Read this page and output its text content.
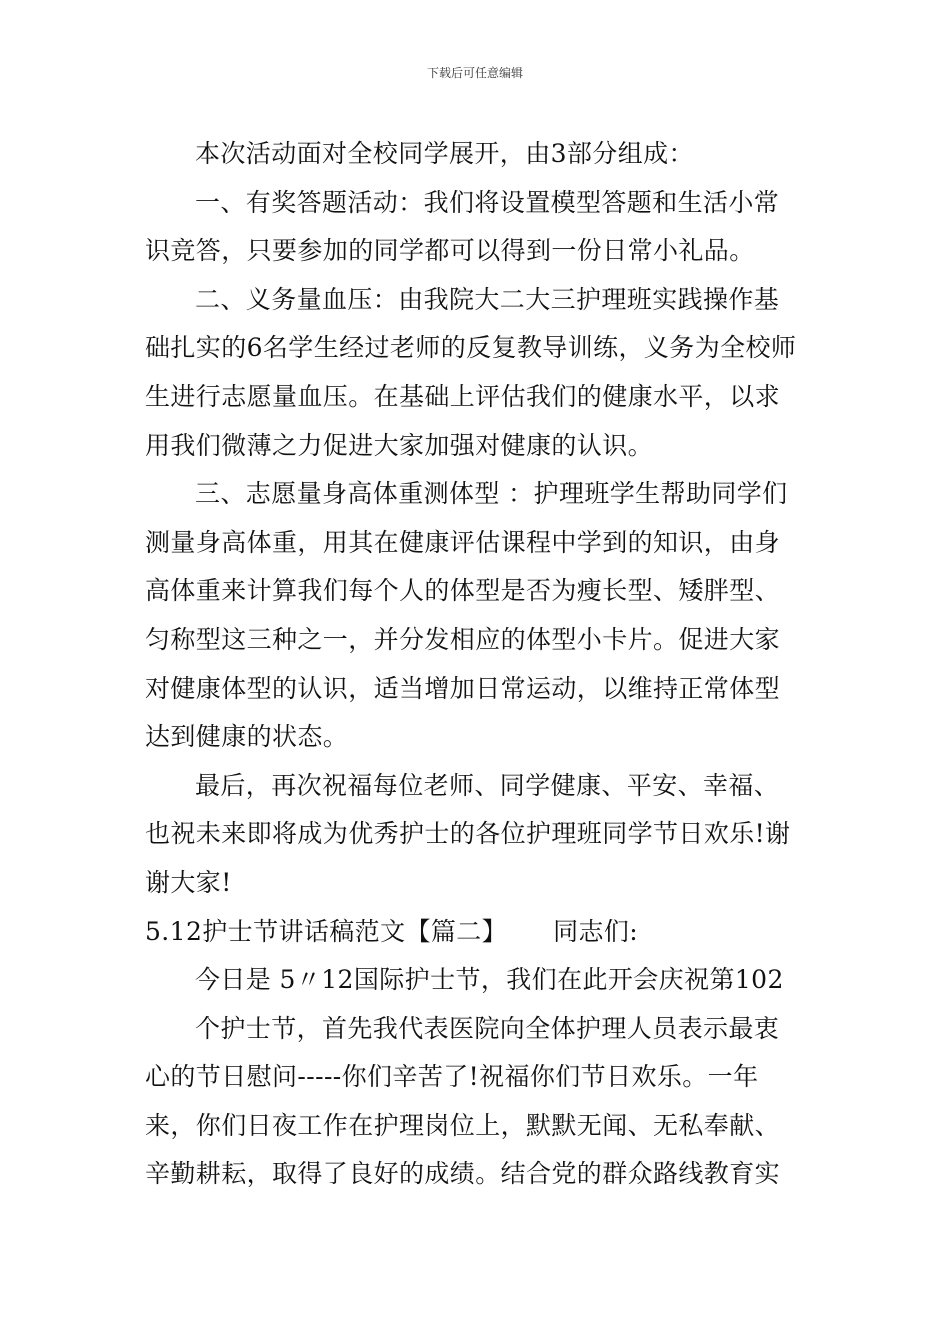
下载后可任意编辑
本次活动面对全校同学展开，由3部分组成：
一、有奖答题活动：我们将设置模型答题和生活小常
识竞答，只要参加的同学都可以得到一份日常小礼品。
二、义务量血压：由我院大二大三护理班实践操作基
础扎实的6名学生经过老师的反复教导训练，义务为全校师
生进行志愿量血压。在基础上评估我们的健康水平，以求
用我们微薄之力促进大家加强对健康的认识。
三、志愿量身高体重测体型 ：护理班学生帮助同学们
测量身高体重，用其在健康评估课程中学到的知识，由身
高体重来计算我们每个人的体型是否为瘦长型、矮胖型、
匀称型这三种之一，并分发相应的体型小卡片。促进大家
对健康体型的认识，适当增加日常运动，以维持正常体型
达到健康的状态。
最后，再次祝福每位老师、同学健康、平安、幸福、
也祝未来即将成为优秀护士的各位护理班同学节日欢乐!谢
谢大家!
5.12护士节讲话稿范文【篇二】 同志们:
今日是 5〃12国际护士节，我们在此开会庆祝第102
个护士节，首先我代表医院向全体护理人员表示最衷
心的节日慰问-----你们辛苦了!祝福你们节日欢乐。一年
来，你们日夜工作在护理岗位上，默默无闻、无私奉献、
辛勤耕耘，取得了良好的成绩。结合党的群众路线教育实
